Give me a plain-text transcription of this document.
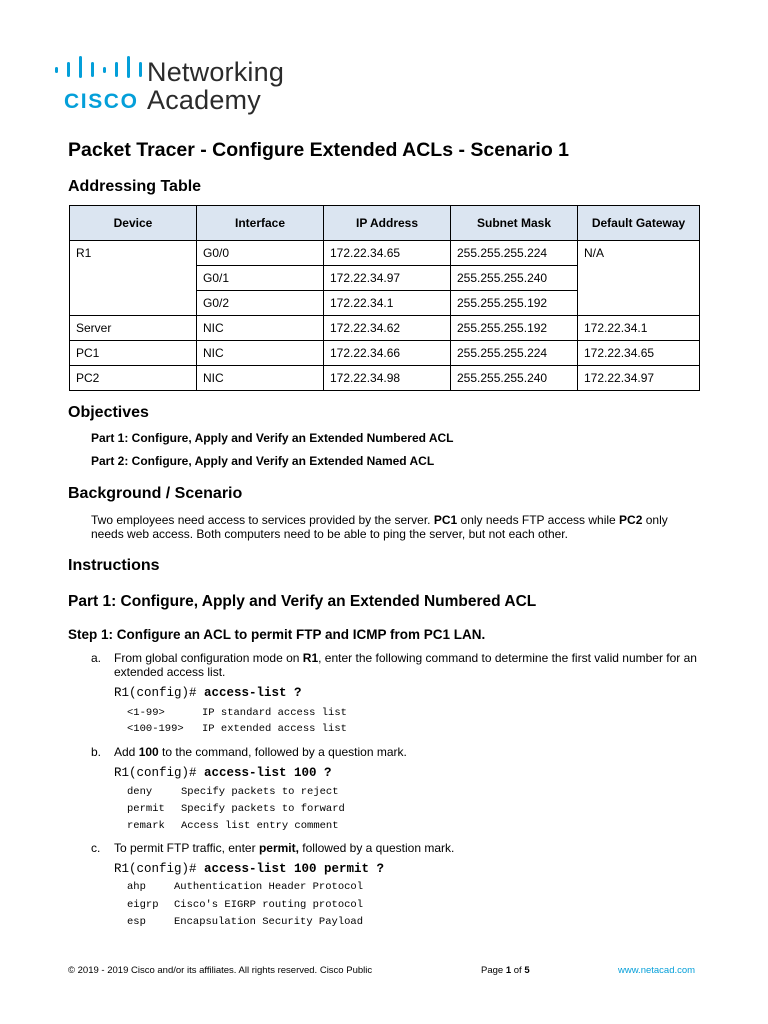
CISCO
Networking
Academy
Packet Tracer - Configure Extended ACLs - Scenario 1
Addressing Table
Device	Interface	IP Address	Subnet Mask	Default Gateway
R1	G0/0	172.22.34.65	255.255.255.224	N/A
	G0/1	172.22.34.97	255.255.255.240	
	G0/2	172.22.34.1	255.255.255.192	
Server	NIC	172.22.34.62	255.255.255.192	172.22.34.1
PC1	NIC	172.22.34.66	255.255.255.224	172.22.34.65
PC2	NIC	172.22.34.98	255.255.255.240	172.22.34.97
Objectives
Part 1: Configure, Apply and Verify an Extended Numbered ACL
Part 2: Configure, Apply and Verify an Extended Named ACL
Background / Scenario
Two employees need access to services provided by the server. PC1 only needs FTP access while PC2 only needs web access. Both computers need to be able to ping the server, but not each other.
Instructions
Part 1: Configure, Apply and Verify an Extended Numbered ACL
Step 1: Configure an ACL to permit FTP and ICMP from PC1 LAN.
a. From global configuration mode on R1, enter the following command to determine the first valid number for an extended access list.
R1(config)# access-list ?
<1-99>	IP standard access list
<100-199> IP extended access list
b. Add 100 to the command, followed by a question mark.
R1(config)# access-list 100 ?
deny	Specify packets to reject
permit Specify packets to forward
remark Access list entry comment
c. To permit FTP traffic, enter permit, followed by a question mark.
R1(config)# access-list 100 permit ?
ahp	Authentication Header Protocol
eigrp Cisco's EIGRP routing protocol
esp	Encapsulation Security Payload
© 2019 - 2019 Cisco and/or its affiliates. All rights reserved. Cisco Public	Page 1 of 5	www.netacad.com
